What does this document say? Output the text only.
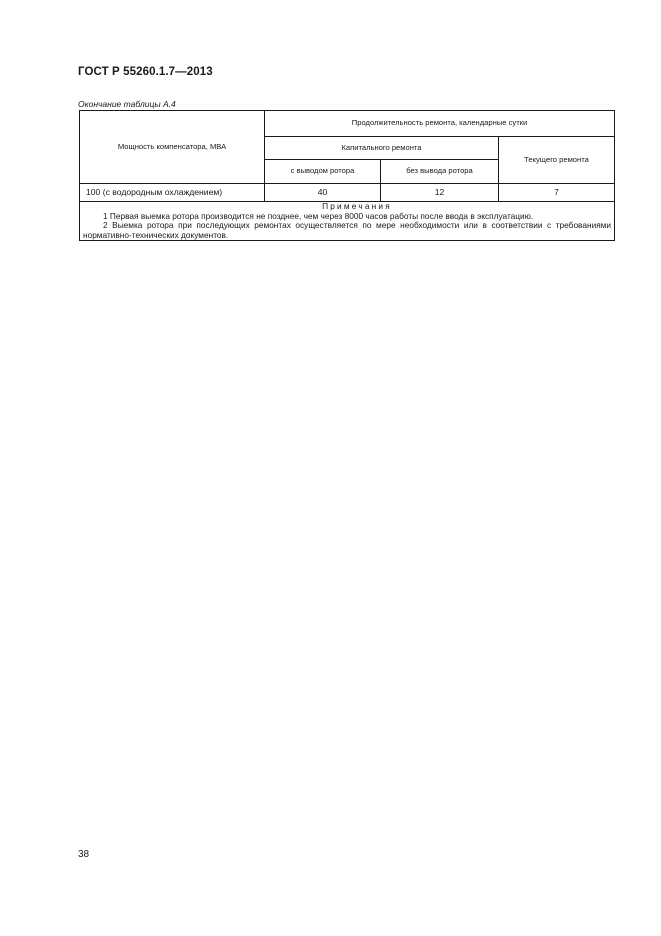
ГОСТ Р 55260.1.7—2013
Окончание таблицы А.4
Мощность компенсатора, МВА	Продолжительность ремонта, календарные сутки		
	Капитального ремонта		Текущего ремонта
	с выводом ротора	без вывода ротора	
100 (с водородным охлаждением)	40	12	7

Примечания
1 Первая выемка ротора производится не позднее, чем через 8000 часов работы после ввода в эксплуатацию.
2 Выемка ротора при последующих ремонтах осуществляется по мере необходимости или в соответствии с требованиями нормативно-технических документов.			
38
